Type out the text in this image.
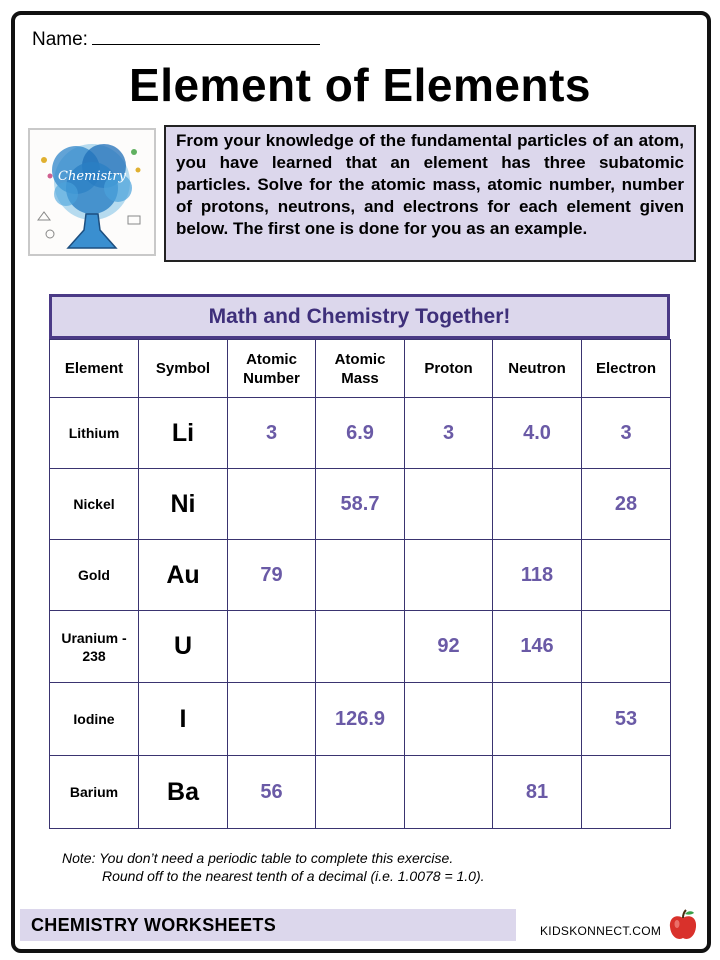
Name:
Element of Elements
Chemistry
From your knowledge of the fundamental particles of an atom, you have learned that an element has three subatomic particles. Solve for the atomic mass, atomic number, number of protons, neutrons, and electrons for each element given below. The first one is done for you as an example.
Math and Chemistry Together!
Element	Symbol	Atomic Number	Atomic Mass	Proton	Neutron	Electron
Lithium	Li	3	6.9	3	4.0	3
Nickel	Ni		58.7			28
Gold	Au	79			118	
Uranium - 238	U			92	146	
Iodine	I		126.9			53
Barium	Ba	56			81	
Note: You don’t need a periodic table to complete this exercise.
Round off to the nearest tenth of a decimal (i.e. 1.0078 = 1.0).
CHEMISTRY WORKSHEETS	KIDSKONNECT.COM
